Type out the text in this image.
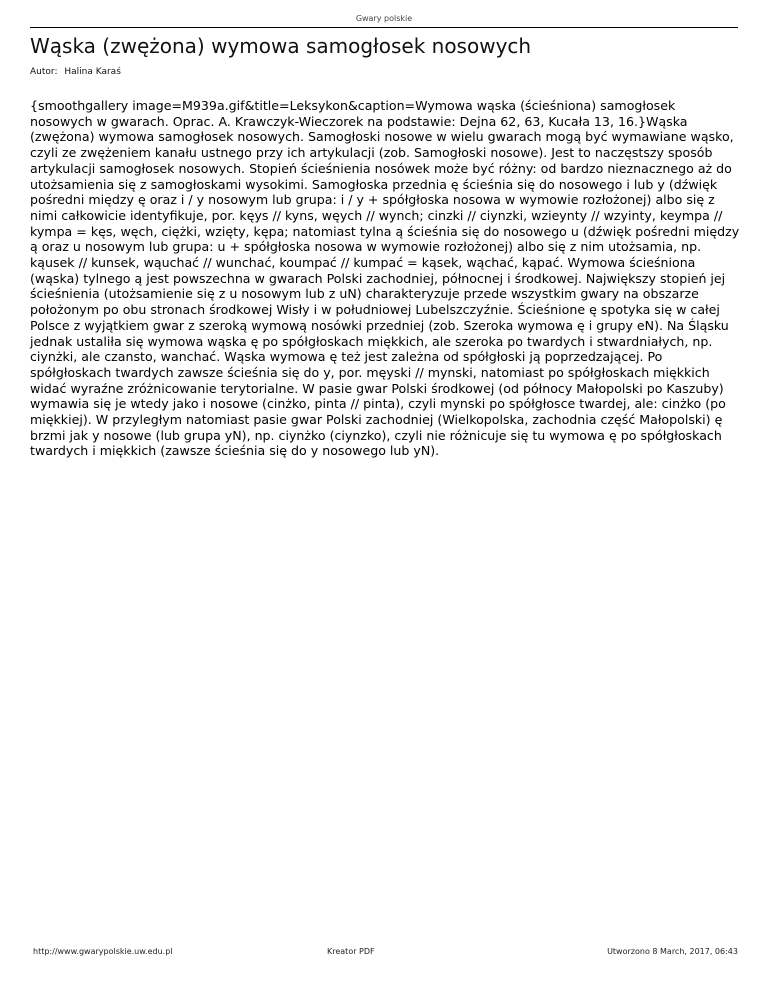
Gwary polskie
Wąska (zwężona) wymowa samogłosek nosowych
Autor: Halina Karaś

{smoothgallery image=M939a.gif&title=Leksykon&caption=Wymowa wąska (ścieśniona) samogłosek nosowych w gwarach. Oprac. A. Krawczyk-Wieczorek na podstawie: Dejna 62, 63, Kucała 13, 16.}Wąska (zwężona) wymowa samogłosek nosowych. Samogłoski nosowe w wielu gwarach mogą być wymawiane wąsko, czyli ze zwężeniem kanału ustnego przy ich artykulacji (zob. Samogłoski nosowe). Jest to naczęstszy sposób artykulacji samogłosek nosowych. Stopień ścieśnienia nosówek może być różny: od bardzo nieznacznego aż do utożsamienia się z samogłoskami wysokimi. Samogłoska przednia ę ścieśnia się do nosowego i lub y (dźwięk pośredni między ę oraz i / y nosowym lub grupa: i / y + spółgłoska nosowa w wymowie rozłożonej) albo się z nimi całkowicie identyfikuje, por. kęys // kyns, węych // wynch; cinzki // ciynzki, wzieynty // wzyinty, keympa // kympa = kęs, węch, ciężki, wzięty, kępa; natomiast tylna ą ścieśnia się do nosowego u (dźwięk pośredni między ą oraz u nosowym lub grupa: u + spółgłoska nosowa w wymowie rozłożonej) albo się z nim utożsamia, np. kąusek // kunsek, wąuchać // wunchać, koumpać // kumpać = kąsek, wąchać, kąpać. Wymowa ścieśniona (wąska) tylnego ą jest powszechna w gwarach Polski zachodniej, północnej i środkowej. Największy stopień jej ścieśnienia (utożsamienie się z u nosowym lub z uN) charakteryzuje przede wszystkim gwary na obszarze położonym po obu stronach środkowej Wisły i w południowej Lubelszczyźnie. Ścieśnione ę spotyka się w całej Polsce z wyjątkiem gwar z szeroką wymową nosówki przedniej (zob. Szeroka wymowa ę i grupy eN). Na Śląsku jednak ustaliła się wymowa wąska ę po spółgłoskach miękkich, ale szeroka po twardych i stwardniałych, np. ciynżki, ale czansto, wanchać. Wąska wymowa ę też jest zależna od spółgłoski ją poprzedzającej. Po spółgłoskach twardych zawsze ścieśnia się do y, por. męyski // mynski, natomiast po spółgłoskach miękkich widać wyraźne zróżnicowanie terytorialne. W pasie gwar Polski środkowej (od północy Małopolski po Kaszuby) wymawia się je wtedy jako i nosowe (cinżko, pinta // pinta), czyli mynski po spółgłosce twardej, ale: cinżko (po miękkiej). W przyległym natomiast pasie gwar Polski zachodniej (Wielkopolska, zachodnia część Małopolski) ę brzmi jak y nosowe (lub grupa yN), np. ciynżko (ciynzko), czyli nie różnicuje się tu wymowa ę po spółgłoskach twardych i miękkich (zawsze ścieśnia się do y nosowego lub yN).

http://www.gwarypolskie.uw.edu.pl	Kreator PDF	Utworzono 8 March, 2017, 06:43
